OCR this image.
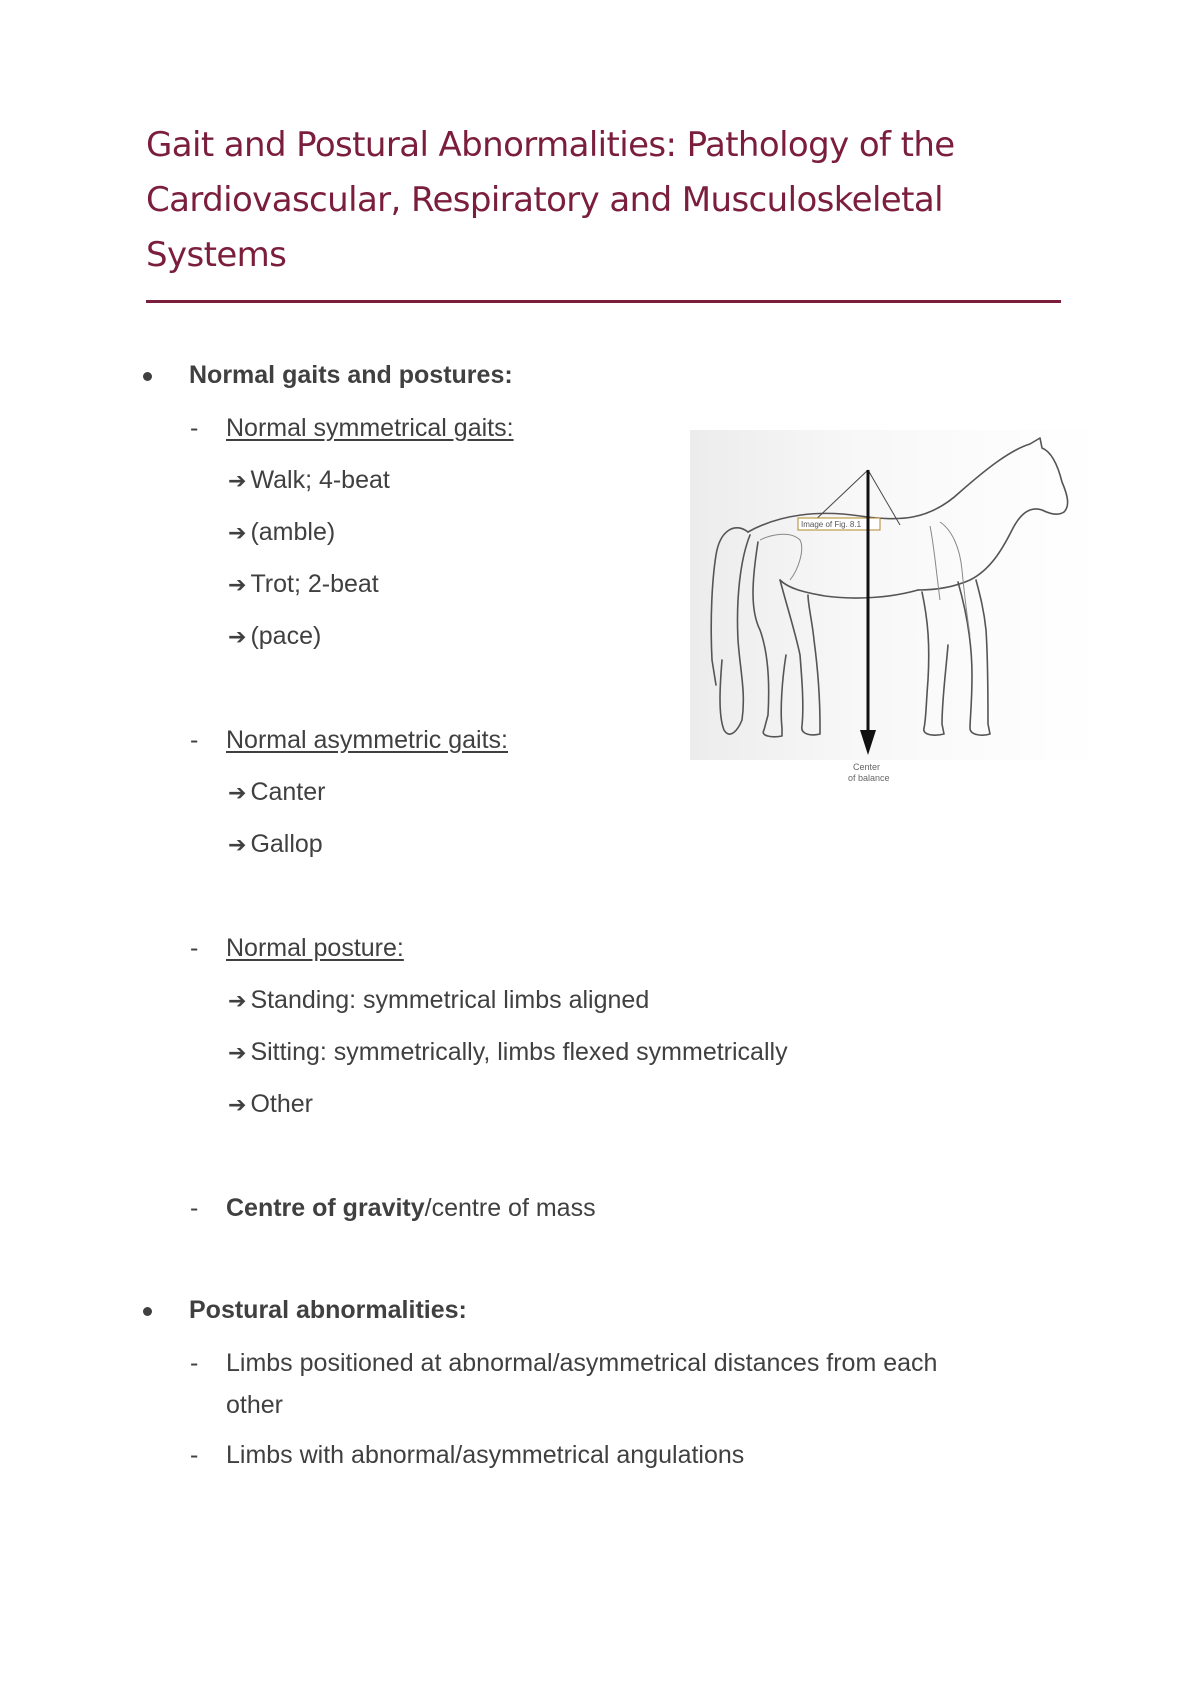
Gait and Postural Abnormalities: Pathology of the Cardiovascular, Respiratory and Musculoskeletal Systems
Normal gaits and postures:
- Normal symmetrical gaits:
➔ Walk; 4-beat
➔ (amble)
➔ Trot; 2-beat
➔ (pace)
- Normal asymmetric gaits:
➔ Canter
➔ Gallop
- Normal posture:
➔ Standing: symmetrical limbs aligned
➔ Sitting: symmetrically, limbs flexed symmetrically
➔ Other
- Centre of gravity/centre of mass
Postural abnormalities:
- Limbs positioned at abnormal/asymmetrical distances from each
other
- Limbs with abnormal/asymmetrical angulations
Image of Fig. 8.1
Center
of balance
